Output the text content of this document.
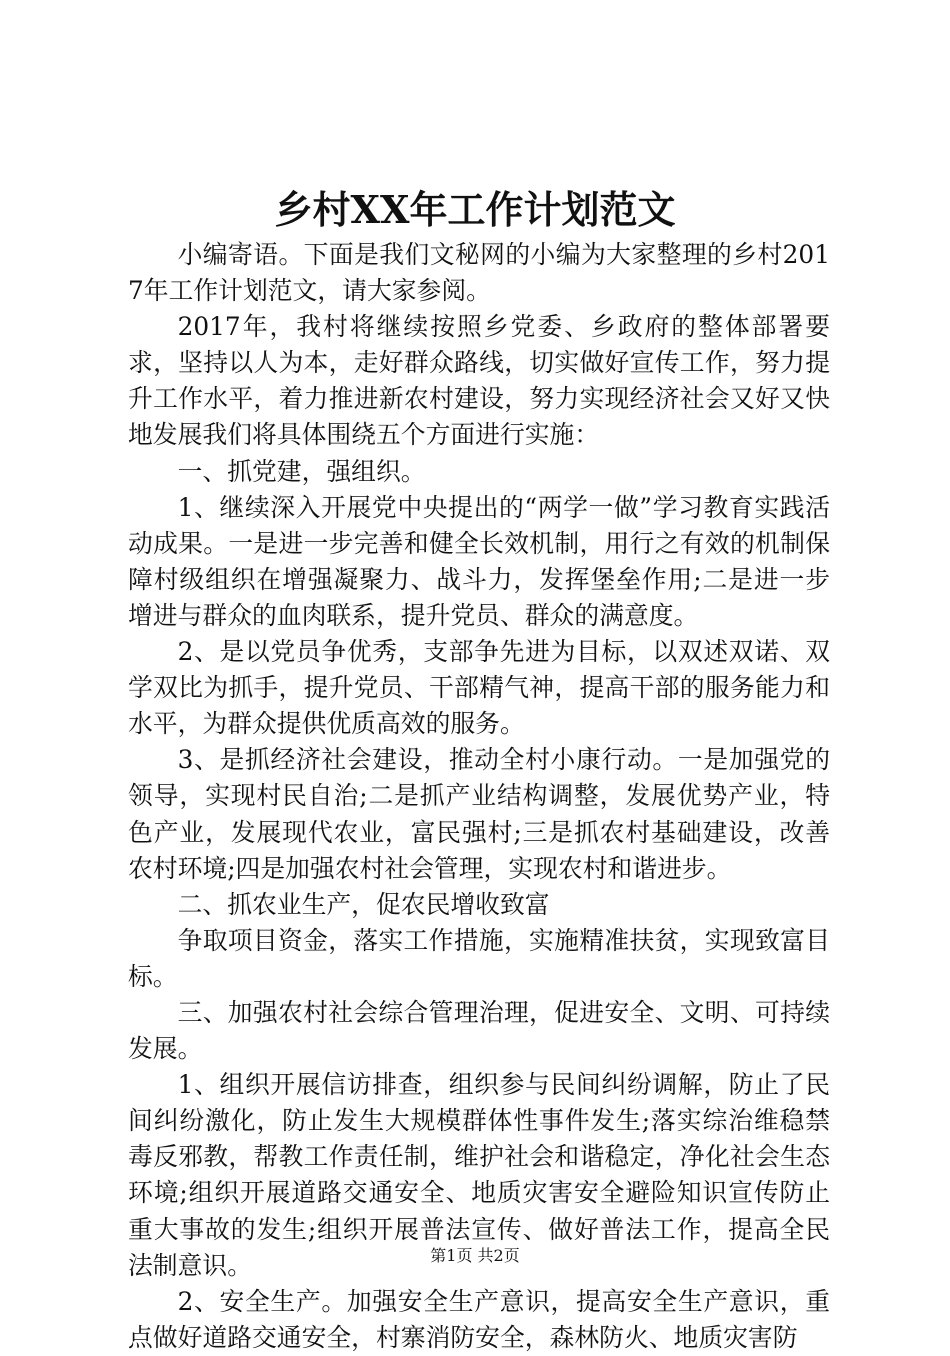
乡村XX年工作计划范文

小编寄语。下面是我们文秘网的小编为大家整理的乡村2017年工作计划范文，请大家参阅。

2017年，我村将继续按照乡党委、乡政府的整体部署要求，坚持以人为本，走好群众路线，切实做好宣传工作，努力提升工作水平，着力推进新农村建设，努力实现经济社会又好又快地发展我们将具体围绕五个方面进行实施：

一、抓党建，强组织。

1、继续深入开展党中央提出的“两学一做”学习教育实践活动成果。一是进一步完善和健全长效机制，用行之有效的机制保障村级组织在增强凝聚力、战斗力，发挥堡垒作用;二是进一步增进与群众的血肉联系，提升党员、群众的满意度。

2、是以党员争优秀，支部争先进为目标，以双述双诺、双学双比为抓手，提升党员、干部精气神，提高干部的服务能力和水平，为群众提供优质高效的服务。

3、是抓经济社会建设，推动全村小康行动。一是加强党的领导，实现村民自治;二是抓产业结构调整，发展优势产业，特色产业，发展现代农业，富民强村;三是抓农村基础建设，改善农村环境;四是加强农村社会管理，实现农村和谐进步。

二、抓农业生产，促农民增收致富

争取项目资金，落实工作措施，实施精准扶贫，实现致富目标。

三、加强农村社会综合管理治理，促进安全、文明、可持续发展。

1、组织开展信访排查，组织参与民间纠纷调解，防止了民间纠纷激化，防止发生大规模群体性事件发生;落实综治维稳禁毒反邪教，帮教工作责任制，维护社会和谐稳定，净化社会生态环境;组织开展道路交通安全、地质灾害安全避险知识宣传防止重大事故的发生;组织开展普法宣传、做好普法工作，提高全民法制意识。

2、安全生产。加强安全生产意识，提高安全生产意识，重点做好道路交通安全，村寨消防安全，森林防火、地质灾害防

第1页 共2页
